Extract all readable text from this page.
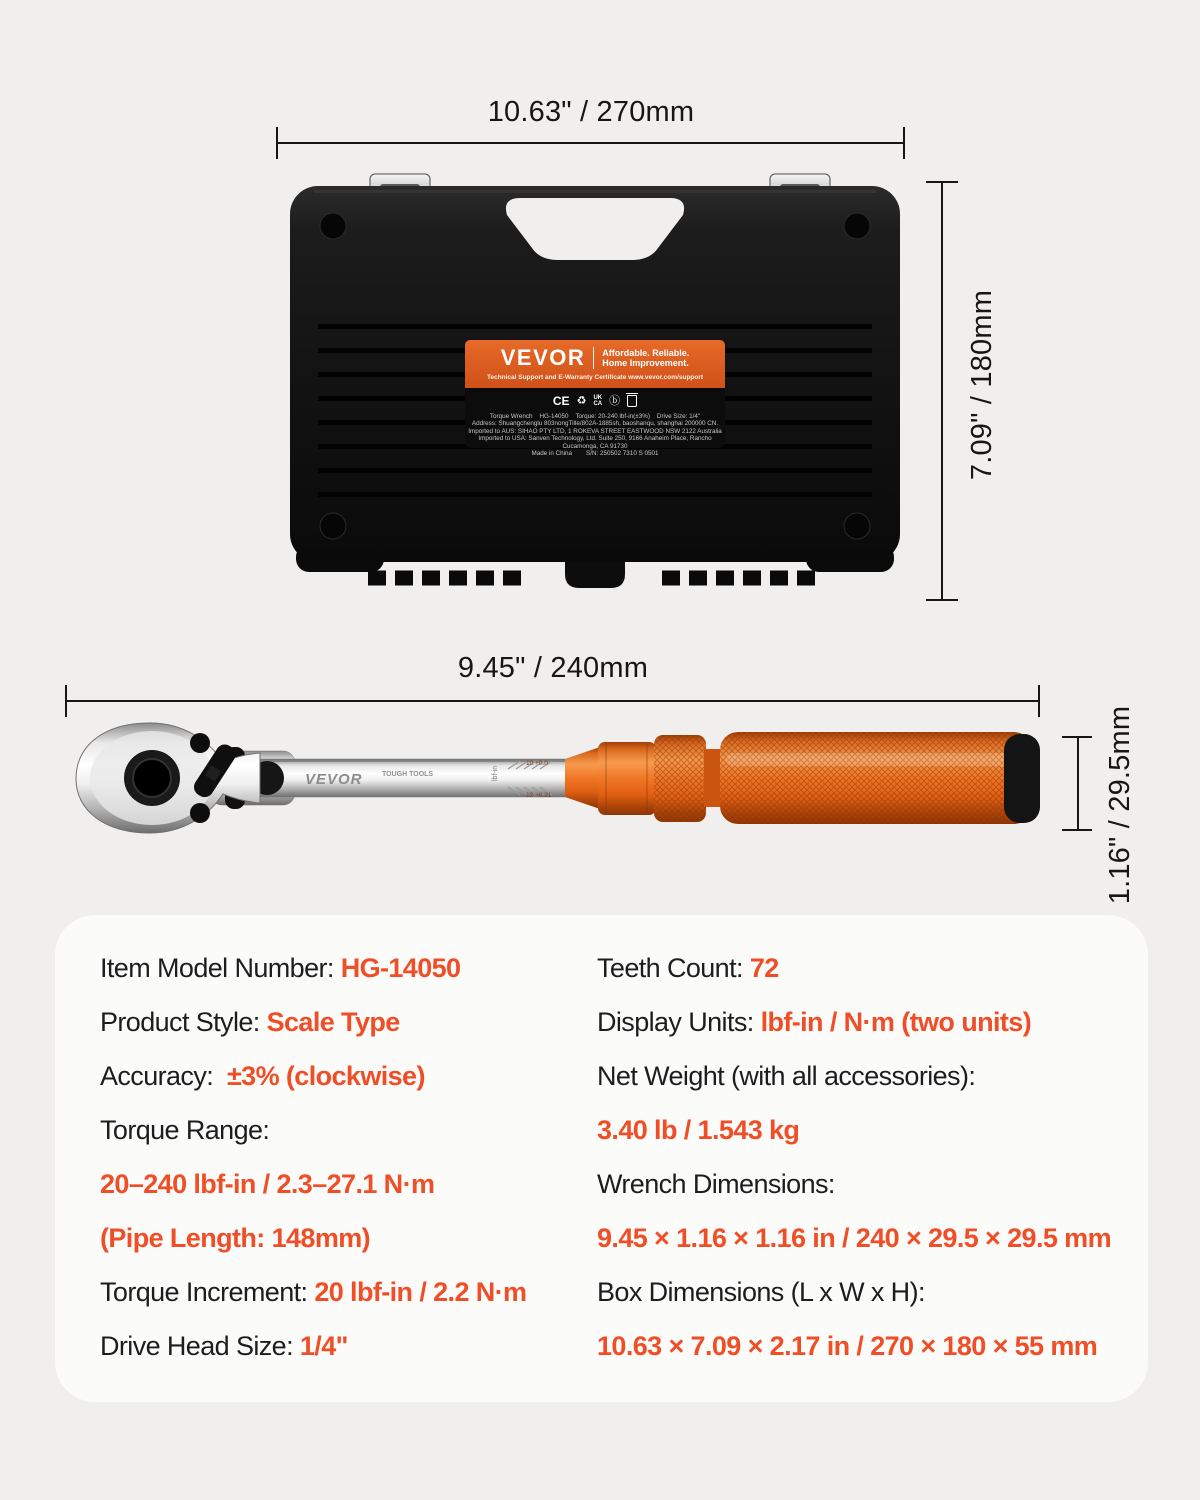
10.63" / 270mm
7.09" / 180mm
VEVOR Affordable. Reliable.
Home Improvement.
Technical Support and E-Warranty Certificate www.vevor.com/support
CE ♻ UK
CA ⓑ
Torque Wrench    HG-14050    Torque: 20-240 lbf-in(±3%)    Drive Size: 1/4"
Address: Shuangchenglu 803nongTille/802A-1885sh, baoshanqu, shanghai 200000 CN.
Imported to AUS: SIHAO PTY LTD, 1 ROKEVA STREET EASTWOOD NSW 2122 Australia
Imported to USA: Sanven Technology, Ltd. Suite 250, 9166 Anaheim Place, Rancho Cucamonga, CA 91730
Made in China        S/N: 250502 7310 S 0501
9.45" / 240mm
1.16" / 29.5mm
VEVOR	TOUGH TOOLS	lbf-in
10 +0.0
12 −0.21
Item Model Number: HG-14050
Product Style: Scale Type
Accuracy: ±3% (clockwise)
Torque Range:
20–240 lbf-in / 2.3–27.1 N·m
(Pipe Length: 148mm)
Torque Increment: 20 lbf-in / 2.2 N·m
Drive Head Size: 1/4"
Teeth Count: 72
Display Units: lbf-in / N·m (two units)
Net Weight (with all accessories):
3.40 lb / 1.543 kg
Wrench Dimensions:
9.45 × 1.16 × 1.16 in / 240 × 29.5 × 29.5 mm
Box Dimensions (L x W x H):
10.63 × 7.09 × 2.17 in / 270 × 180 × 55 mm
